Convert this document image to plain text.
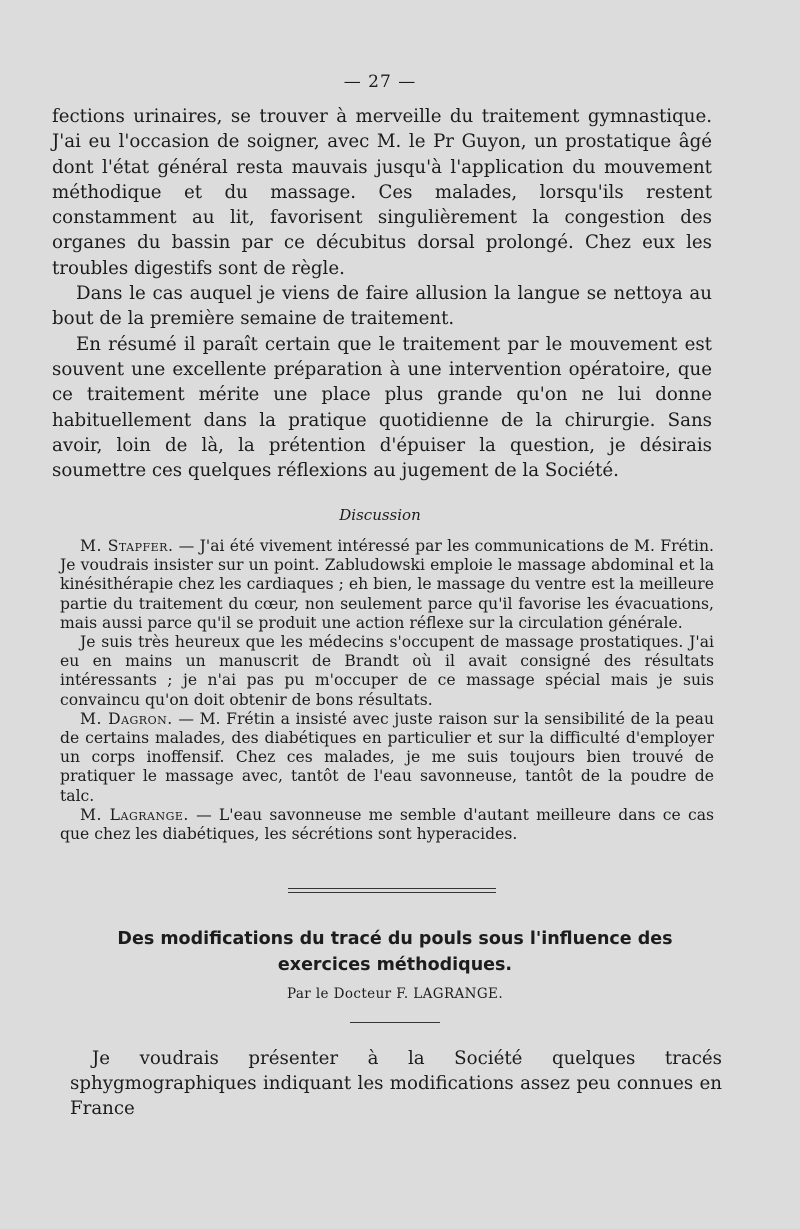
— 27 —

fections urinaires, se trouver à merveille du traitement gymnastique. J'ai eu l'occasion de soigner, avec M. le Pr Guyon, un prostatique âgé dont l'état général resta mauvais jusqu'à l'application du mouvement méthodique et du massage. Ces malades, lorsqu'ils restent constamment au lit, favorisent singulièrement la congestion des organes du bassin par ce décubitus dorsal prolongé. Chez eux les troubles digestifs sont de règle.

Dans le cas auquel je viens de faire allusion la langue se nettoya au bout de la première semaine de traitement.

En résumé il paraît certain que le traitement par le mouvement est souvent une excellente préparation à une intervention opératoire, que ce traitement mérite une place plus grande qu'on ne lui donne habituellement dans la pratique quotidienne de la chirurgie. Sans avoir, loin de là, la prétention d'épuiser la question, je désirais soumettre ces quelques réflexions au jugement de la Société.

Discussion

M. Stapfer. — J'ai été vivement intéressé par les communications de M. Frétin. Je voudrais insister sur un point. Zabludowski emploie le massage abdominal et la kinésithérapie chez les cardiaques ; eh bien, le massage du ventre est la meilleure partie du traitement du cœur, non seulement parce qu'il favorise les évacuations, mais aussi parce qu'il se produit une action réflexe sur la circulation générale.

Je suis très heureux que les médecins s'occupent de massage prostatiques. J'ai eu en mains un manuscrit de Brandt où il avait consigné des résultats intéressants ; je n'ai pas pu m'occuper de ce massage spécial mais je suis convaincu qu'on doit obtenir de bons résultats.

M. Dagron. — M. Frétin a insisté avec juste raison sur la sensibilité de la peau de certains malades, des diabétiques en particulier et sur la difficulté d'employer un corps inoffensif. Chez ces malades, je me suis toujours bien trouvé de pratiquer le massage avec, tantôt de l'eau savonneuse, tantôt de la poudre de talc.

M. Lagrange. — L'eau savonneuse me semble d'autant meilleure dans ce cas que chez les diabétiques, les sécrétions sont hyperacides.

Des modifications du tracé du pouls sous l'influence des exercices méthodiques.
Par le Docteur F. LAGRANGE.

Je voudrais présenter à la Société quelques tracés sphygmographiques indiquant les modifications assez peu connues en France
